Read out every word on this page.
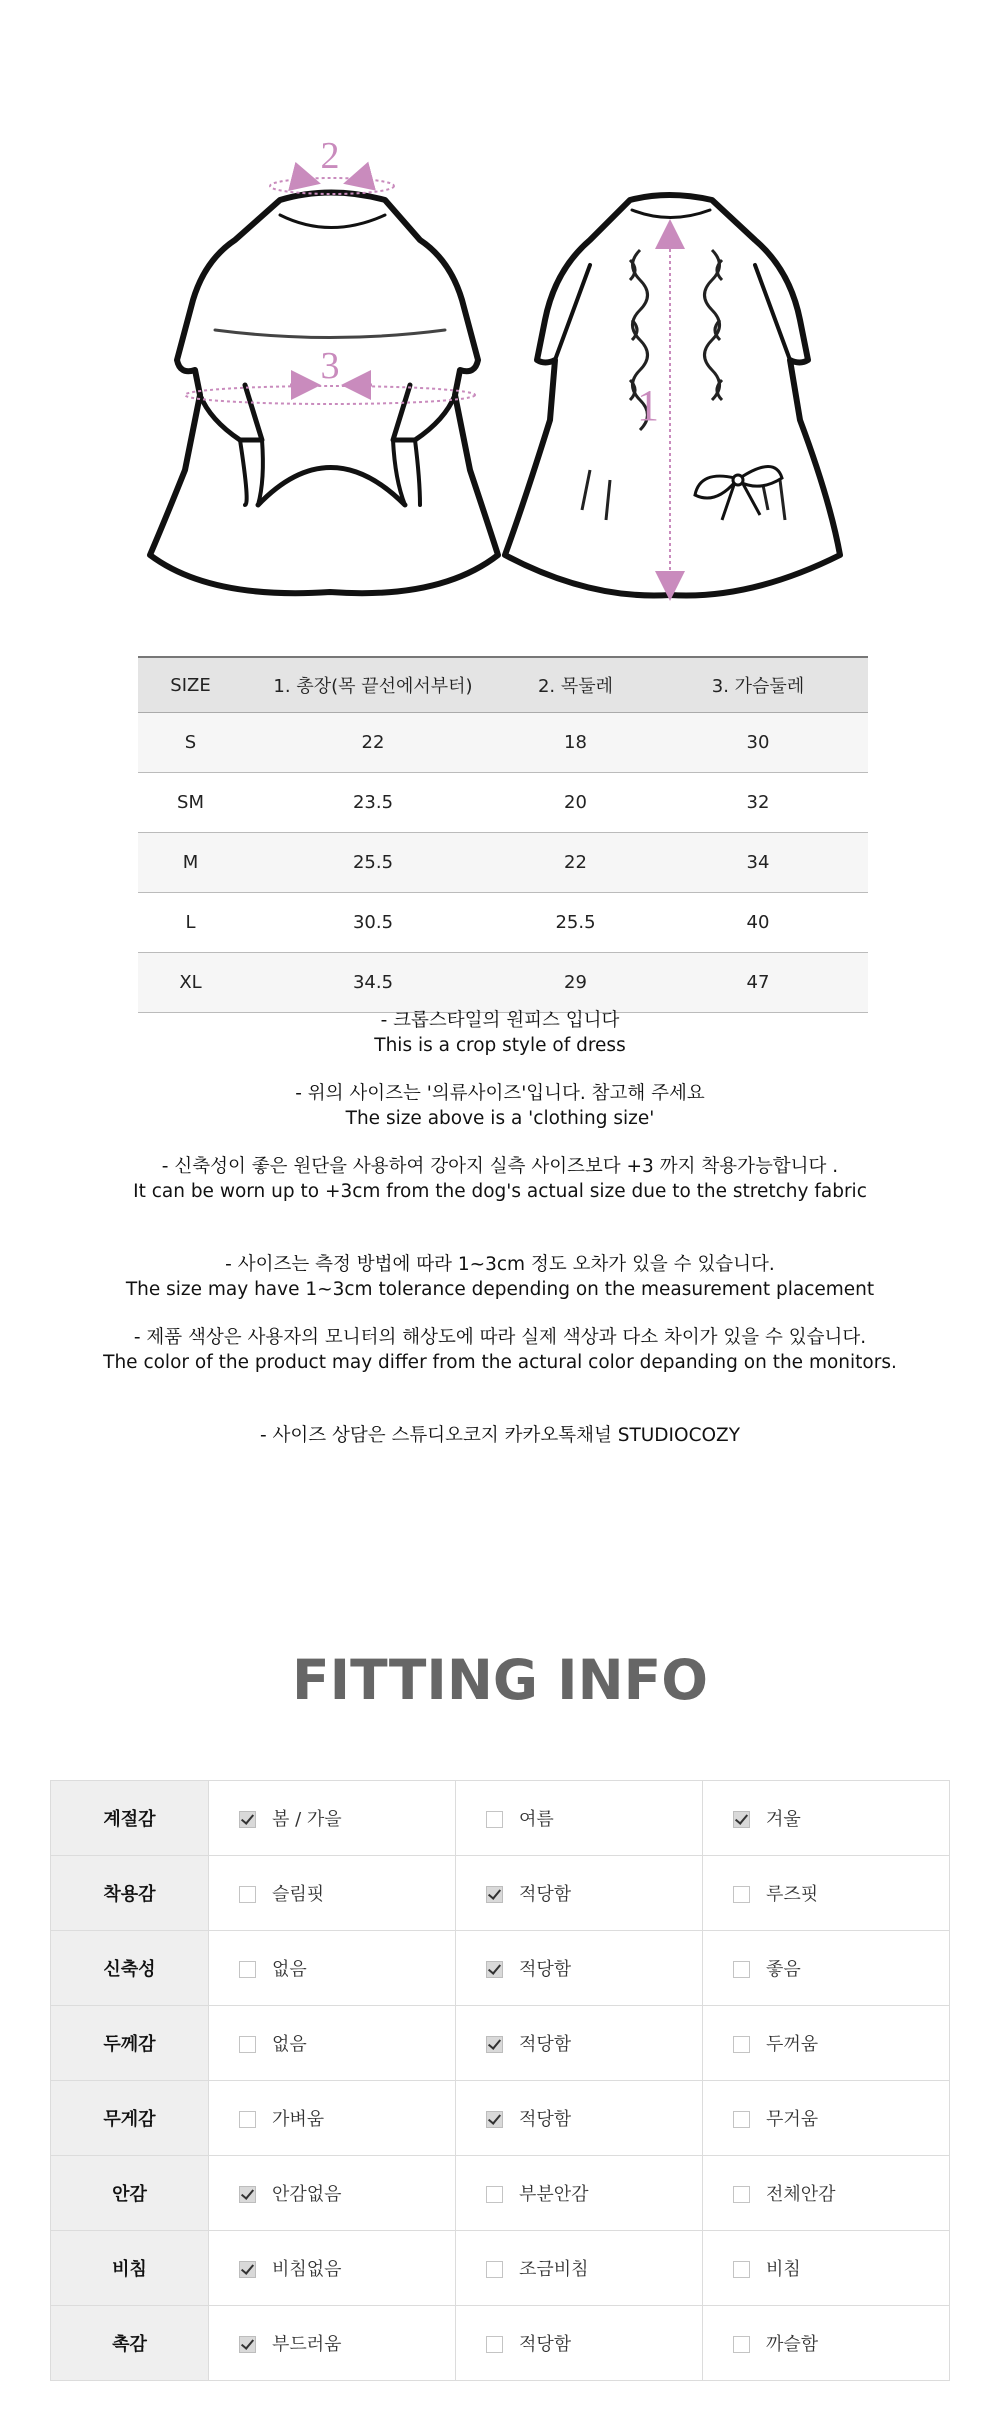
2
3
1
SIZE	1. 총장(목 끝선에서부터)	2. 목둘레	3. 가슴둘레
S	22	18	30
SM	23.5	20	32
M	25.5	22	34
L	30.5	25.5	40
XL	34.5	29	47

- 크롭스타일의 원피스 입니다

This is a crop style of dress

- 위의 사이즈는 '의류사이즈'입니다. 참고해 주세요

The size above is a 'clothing size'

- 신축성이 좋은 원단을 사용하여 강아지 실측 사이즈보다 +3 까지 착용가능합니다 .

It can be worn up to +3cm from the dog's actual size due to the stretchy fabric

- 사이즈는 측정 방법에 따라 1~3cm 정도 오차가 있을 수 있습니다.

The size may have 1~3cm tolerance depending on the measurement placement

- 제품 색상은 사용자의 모니터의 해상도에 따라 실제 색상과 다소 차이가 있을 수 있습니다.

The color of the product may differ from the actural color depanding on the monitors.

- 사이즈 상담은 스튜디오코지 카카오톡채널 STUDIOCOZY

FITTING INFO
계절감	봄 / 가을	여름	겨울
착용감	슬림핏	적당함	루즈핏
신축성	없음	적당함	좋음
두께감	없음	적당함	두꺼움
무게감	가벼움	적당함	무거움
안감	안감없음	부분안감	전체안감
비침	비침없음	조금비침	비침
촉감	부드러움	적당함	까슬함
